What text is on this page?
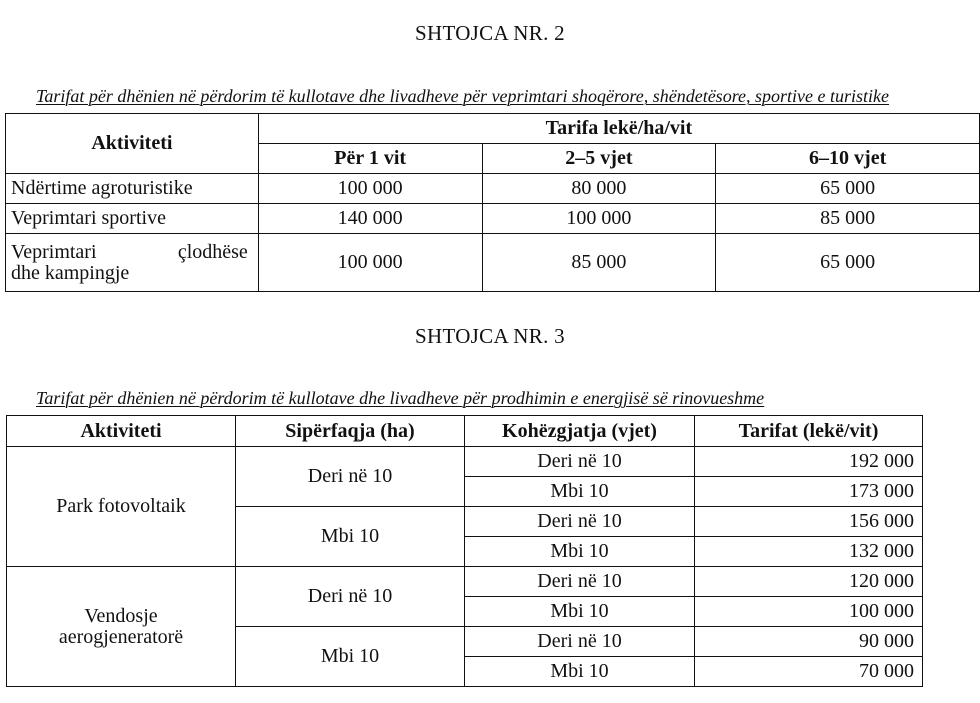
SHTOJCA NR. 2
Tarifat për dhënien në përdorim të kullotave dhe livadheve për veprimtari shoqërore, shëndetësore, sportive e turistike
Aktiviteti	Tarifa lekë/ha/vit		
	Për 1 vit	2–5 vjet	6–10 vjet
Ndërtime agroturistike	100 000	80 000	65 000
Veprimtari sportive	140 000	100 000	85 000

Veprimtari çlodhëse
dhe kampingje	100 000	85 000	65 000
SHTOJCA NR. 3
Tarifat për dhënien në përdorim të kullotave dhe livadheve për prodhimin e energjisë së rinovueshme
Aktiviteti	Sipërfaqja (ha)	Kohëzgjatja (vjet)	Tarifat (lekë/vit)

Park fotovoltaik	Deri në 10	Deri në 10	192 000
		Mbi 10	173 000
	Mbi 10	Deri në 10	156 000
		Mbi 10	132 000

Vendosje
aerogjeneratorë	Deri në 10	Deri në 10	120 000
		Mbi 10	100 000
	Mbi 10	Deri në 10	90 000
		Mbi 10	70 000
